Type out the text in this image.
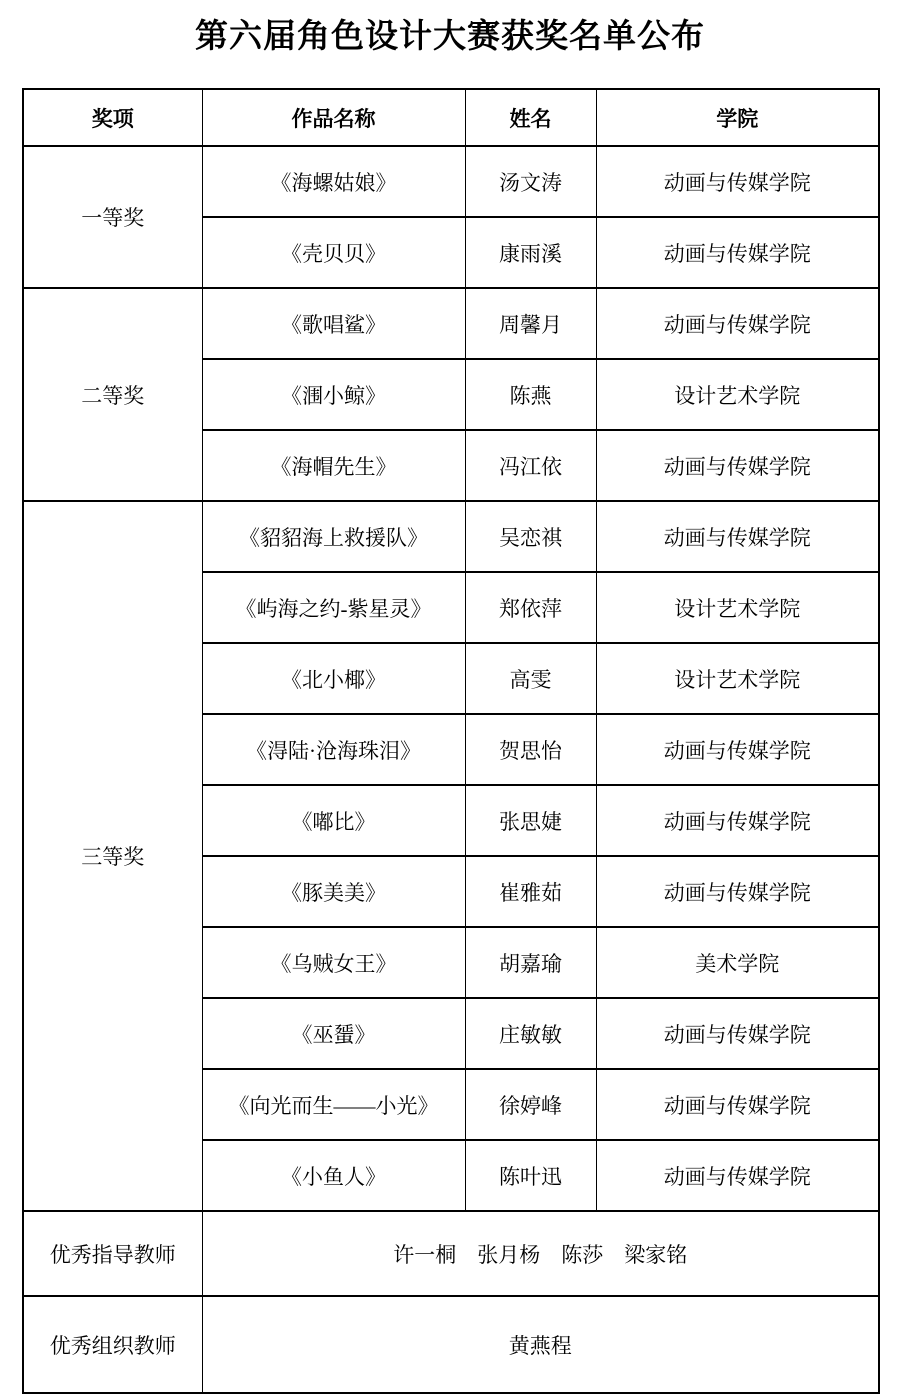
第六届角色设计大赛获奖名单公布
奖项	作品名称	姓名	学院
一等奖	《海螺姑娘》	汤文涛	动画与传媒学院
	《壳贝贝》	康雨溪	动画与传媒学院
二等奖	《歌唱鲨》	周馨月	动画与传媒学院
	《涠小鲸》	陈燕	设计艺术学院
	《海帽先生》	冯江依	动画与传媒学院
三等奖	《貂貂海上救援队》	吴恋祺	动画与传媒学院
	《屿海之约-紫星灵》	郑依萍	设计艺术学院
	《北小椰》	高雯	设计艺术学院
	《淂陆·沧海珠泪》	贺思怡	动画与传媒学院
	《嘟比》	张思婕	动画与传媒学院
	《豚美美》	崔雅茹	动画与传媒学院
	《乌贼女王》	胡嘉瑜	美术学院
	《巫蜑》	庄敏敏	动画与传媒学院
	《向光而生——小光》	徐婷峰	动画与传媒学院
	《小鱼人》	陈叶迅	动画与传媒学院
优秀指导教师	许一桐　张月杨　陈莎　梁家铭		
优秀组织教师	黄燕程		
